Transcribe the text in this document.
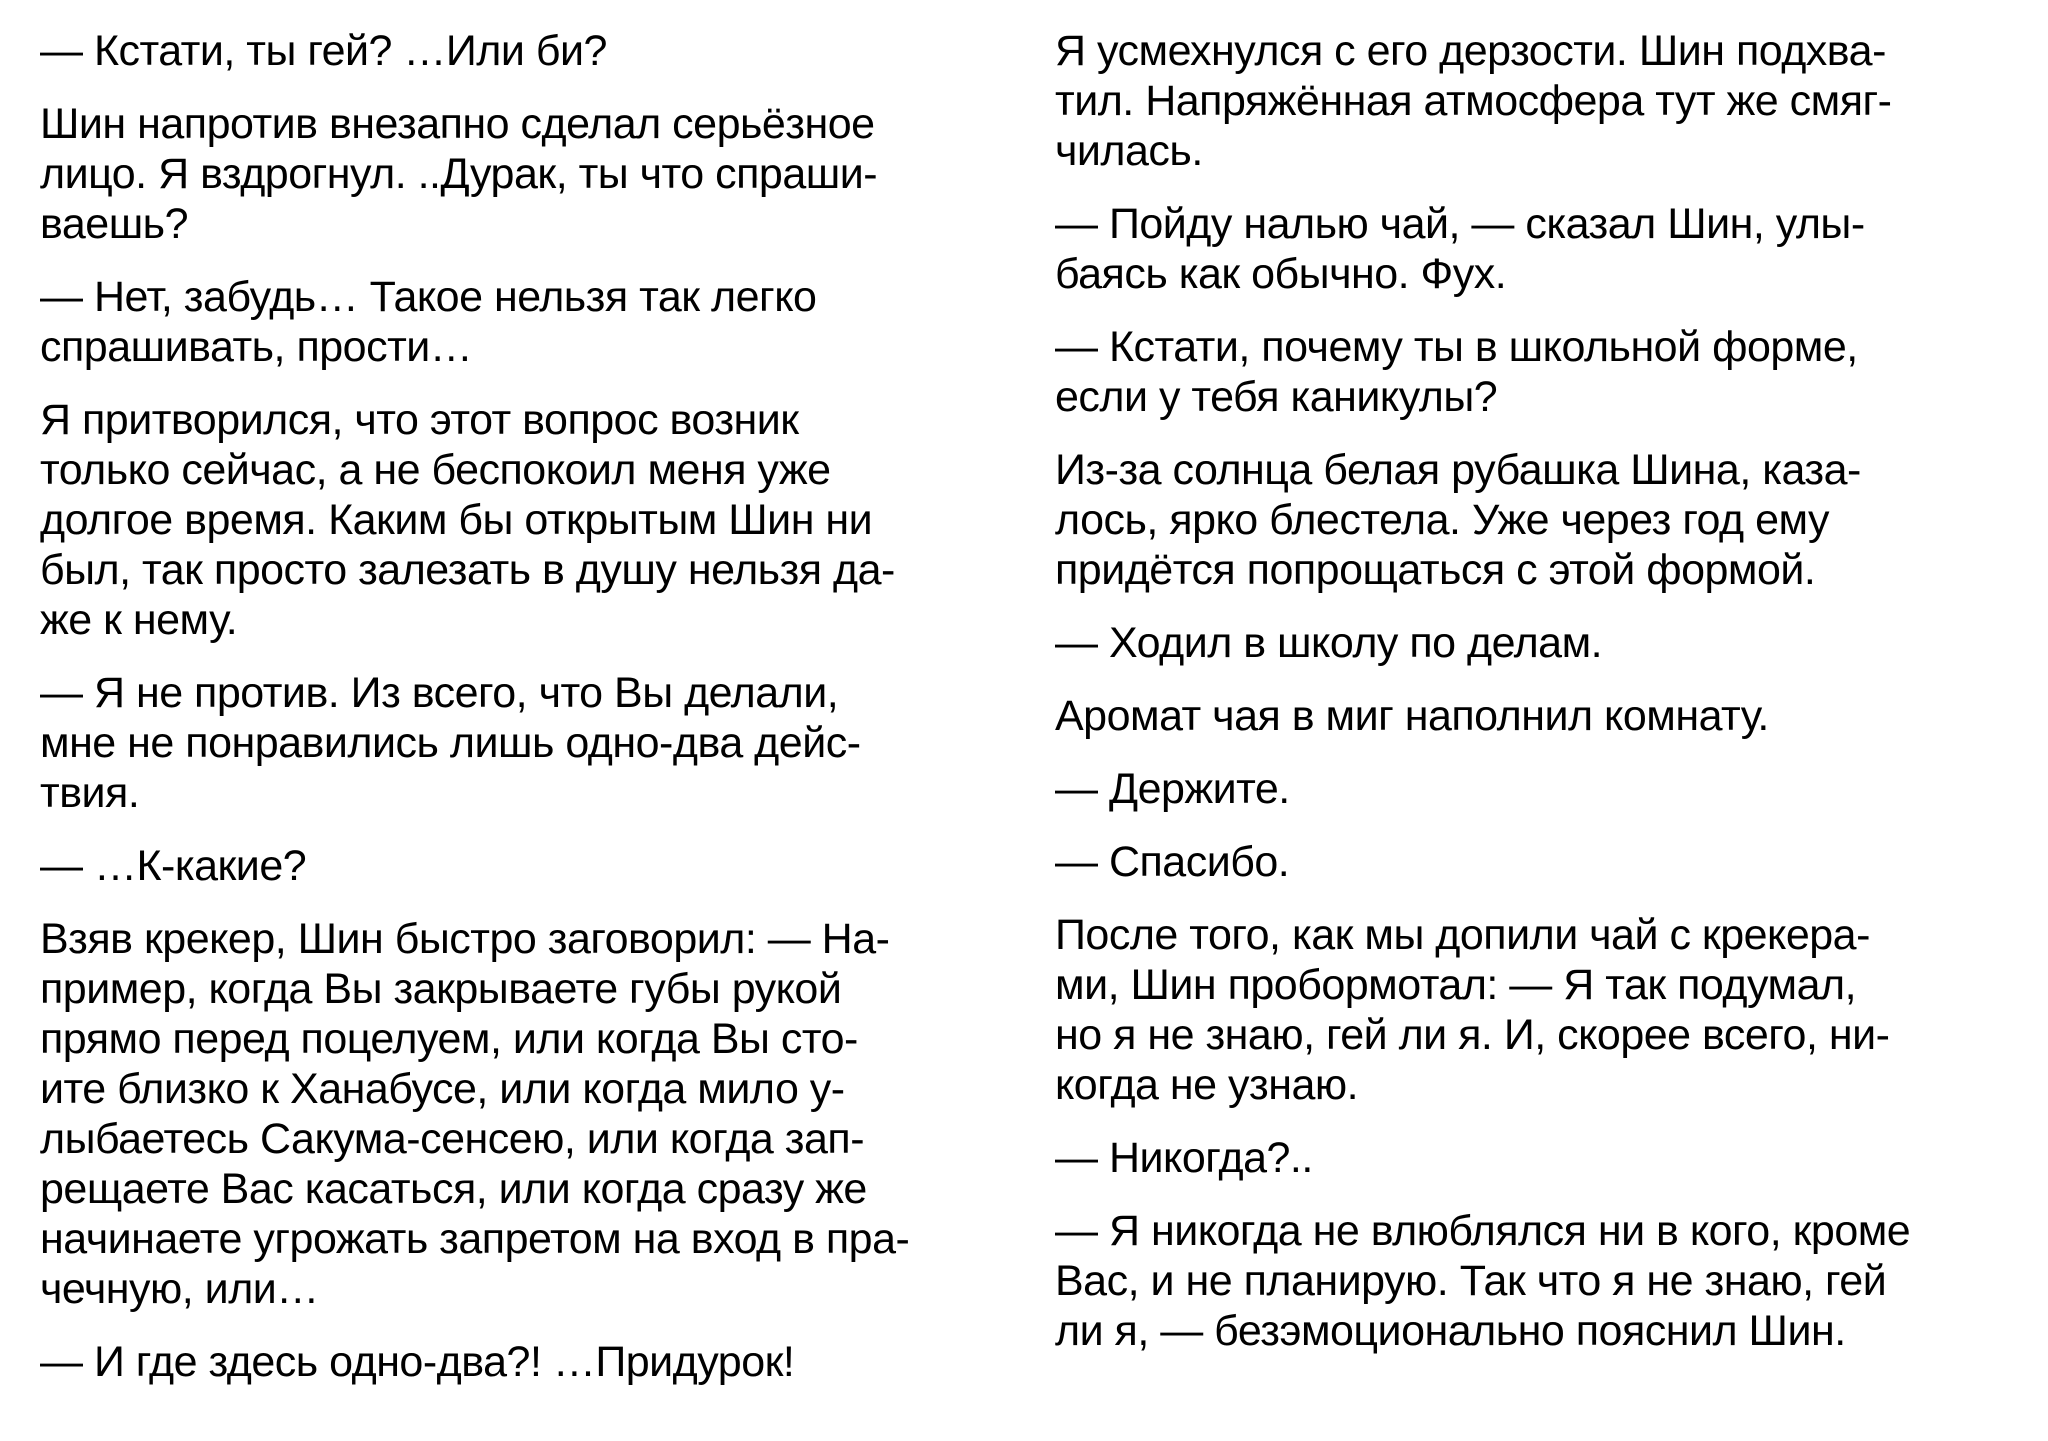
— Кстати, ты гей? …Или би?
Шин напротив внезапно сделал серьёзное
лицо. Я вздрогнул. ..Дурак, ты что спраши-
ваешь?
— Нет, забудь… Такое нельзя так легко
спрашивать, прости…
Я притворился, что этот вопрос возник
только сейчас, а не беспокоил меня уже
долгое время. Каким бы открытым Шин ни
был, так просто залезать в душу нельзя да-
же к нему.
— Я не против. Из всего, что Вы делали,
мне не понравились лишь одно-два дейс-
твия.
— …К-какие?
Взяв крекер, Шин быстро заговорил: — На-
пример, когда Вы закрываете губы рукой
прямо перед поцелуем, или когда Вы сто-
ите близко к Ханабусе, или когда мило у-
лыбаетесь Сакума-сенсею, или когда зап-
рещаете Вас касаться, или когда сразу же
начинаете угрожать запретом на вход в пра-
чечную, или…
— И где здесь одно-два?! …Придурок!
Я усмехнулся с его дерзости. Шин подхва-
тил. Напряжённая атмосфера тут же смяг-
чилась.
— Пойду налью чай, — сказал Шин, улы-
баясь как обычно. Фух.
— Кстати, почему ты в школьной форме,
если у тебя каникулы?
Из-за солнца белая рубашка Шина, каза-
лось, ярко блестела. Уже через год ему
придётся попрощаться с этой формой.
— Ходил в школу по делам.
Аромат чая в миг наполнил комнату.
— Держите.
— Спасибо.
После того, как мы допили чай с крекера-
ми, Шин пробормотал: — Я так подумал,
но я не знаю, гей ли я. И, скорее всего, ни-
когда не узнаю.
— Никогда?..
— Я никогда не влюблялся ни в кого, кроме
Вас, и не планирую. Так что я не знаю, гей
ли я, — безэмоционально пояснил Шин.
